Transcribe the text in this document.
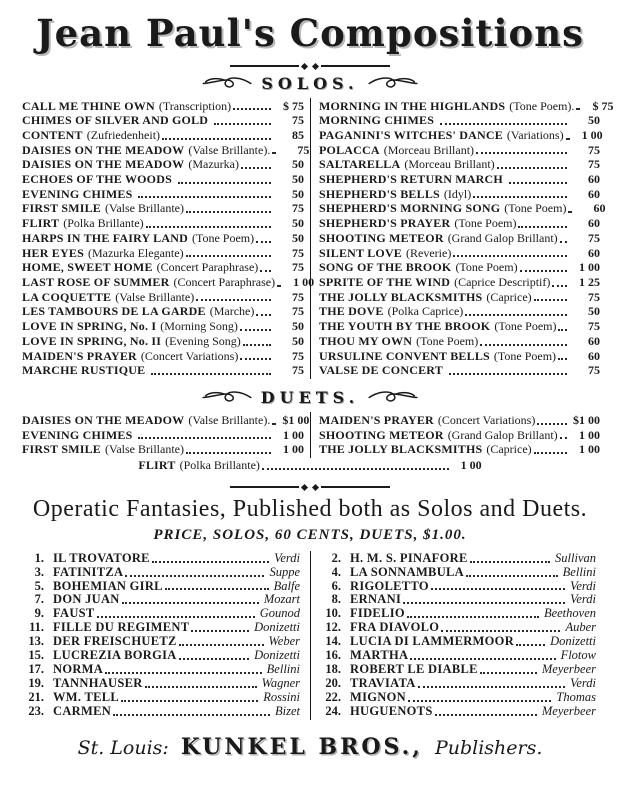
Jean Paul's Compositions
SOLOS.
CALL ME THINE OWN (Transcription)	$ 75
CHIMES OF SILVER AND GOLD	75
CONTENT (Zufriedenheit)	85
DAISIES ON THE MEADOW (Valse Brillante).	75
DAISIES ON THE MEADOW (Mazurka)	50
ECHOES OF THE WOODS	50
EVENING CHIMES	50
FIRST SMILE (Valse Brillante)	75
FLIRT (Polka Brillante)	50
HARPS IN THE FAIRY LAND (Tone Poem)	50
HER EYES (Mazurka Elegante)	75
HOME, SWEET HOME (Concert Paraphrase)	75
LAST ROSE OF SUMMER (Concert Paraphrase)	1 00
LA COQUETTE (Valse Brillante)	75
LES TAMBOURS DE LA GARDE (Marche)	75
LOVE IN SPRING, No. I (Morning Song)	50
LOVE IN SPRING, No. II (Evening Song)	50
MAIDEN'S PRAYER (Concert Variations)	75
MARCHE RUSTIQUE	75
MORNING IN THE HIGHLANDS (Tone Poem).	$ 75
MORNING CHIMES	50
PAGANINI'S WITCHES' DANCE (Variations)	1 00
POLACCA (Morceau Brillant)	75
SALTARELLA (Morceau Brillant)	75
SHEPHERD'S RETURN MARCH	60
SHEPHERD'S BELLS (Idyl)	60
SHEPHERD'S MORNING SONG (Tone Poem)	60
SHEPHERD'S PRAYER (Tone Poem)	60
SHOOTING METEOR (Grand Galop Brillant)	75
SILENT LOVE (Reverie)	60
SONG OF THE BROOK (Tone Poem)	1 00
SPRITE OF THE WIND (Caprice Descriptif)	1 25
THE JOLLY BLACKSMITHS (Caprice)	75
THE DOVE (Polka Caprice)	50
THE YOUTH BY THE BROOK (Tone Poem)	75
THOU MY OWN (Tone Poem)	60
URSULINE CONVENT BELLS (Tone Poem)	60
VALSE DE CONCERT	75
DUETS.
DAISIES ON THE MEADOW (Valse Brillante). $1 00
EVENING CHIMES	1 00
FIRST SMILE (Valse Brillante)	1 00
MAIDEN'S PRAYER (Concert Variations)	$1 00
SHOOTING METEOR (Grand Galop Brillant)	1 00
THE JOLLY BLACKSMITHS (Caprice)	1 00
FLIRT (Polka Brillante)	1 00
Operatic Fantasies, Published both as Solos and Duets.
PRICE, SOLOS, 60 CENTS, DUETS, $1.00.
1. IL TROVATORE	Verdi
3. FATINITZA	Suppe
5. BOHEMIAN GIRL	Balfe
7. DON JUAN	Mozart
9. FAUST	Gounod
11. FILLE DU REGIMENT	Donizetti
13. DER FREISCHUETZ	Weber
15. LUCREZIA BORGIA	Donizetti
17. NORMA	Bellini
19. TANNHAUSER	Wagner
21. WM. TELL	Rossini
23. CARMEN	Bizet
2. H. M. S. PINAFORE	Sullivan
4. LA SONNAMBULA	Bellini
6. RIGOLETTO	Verdi
8. ERNANI	Verdi
10. FIDELIO	Beethoven
12. FRA DIAVOLO	Auber
14. LUCIA DI LAMMERMOOR	Donizetti
16. MARTHA	Flotow
18. ROBERT LE DIABLE	Meyerbeer
20. TRAVIATA	Verdi
22. MIGNON	Thomas
24. HUGUENOTS	Meyerbeer
St. Louis: KUNKEL BROS., Publishers.
